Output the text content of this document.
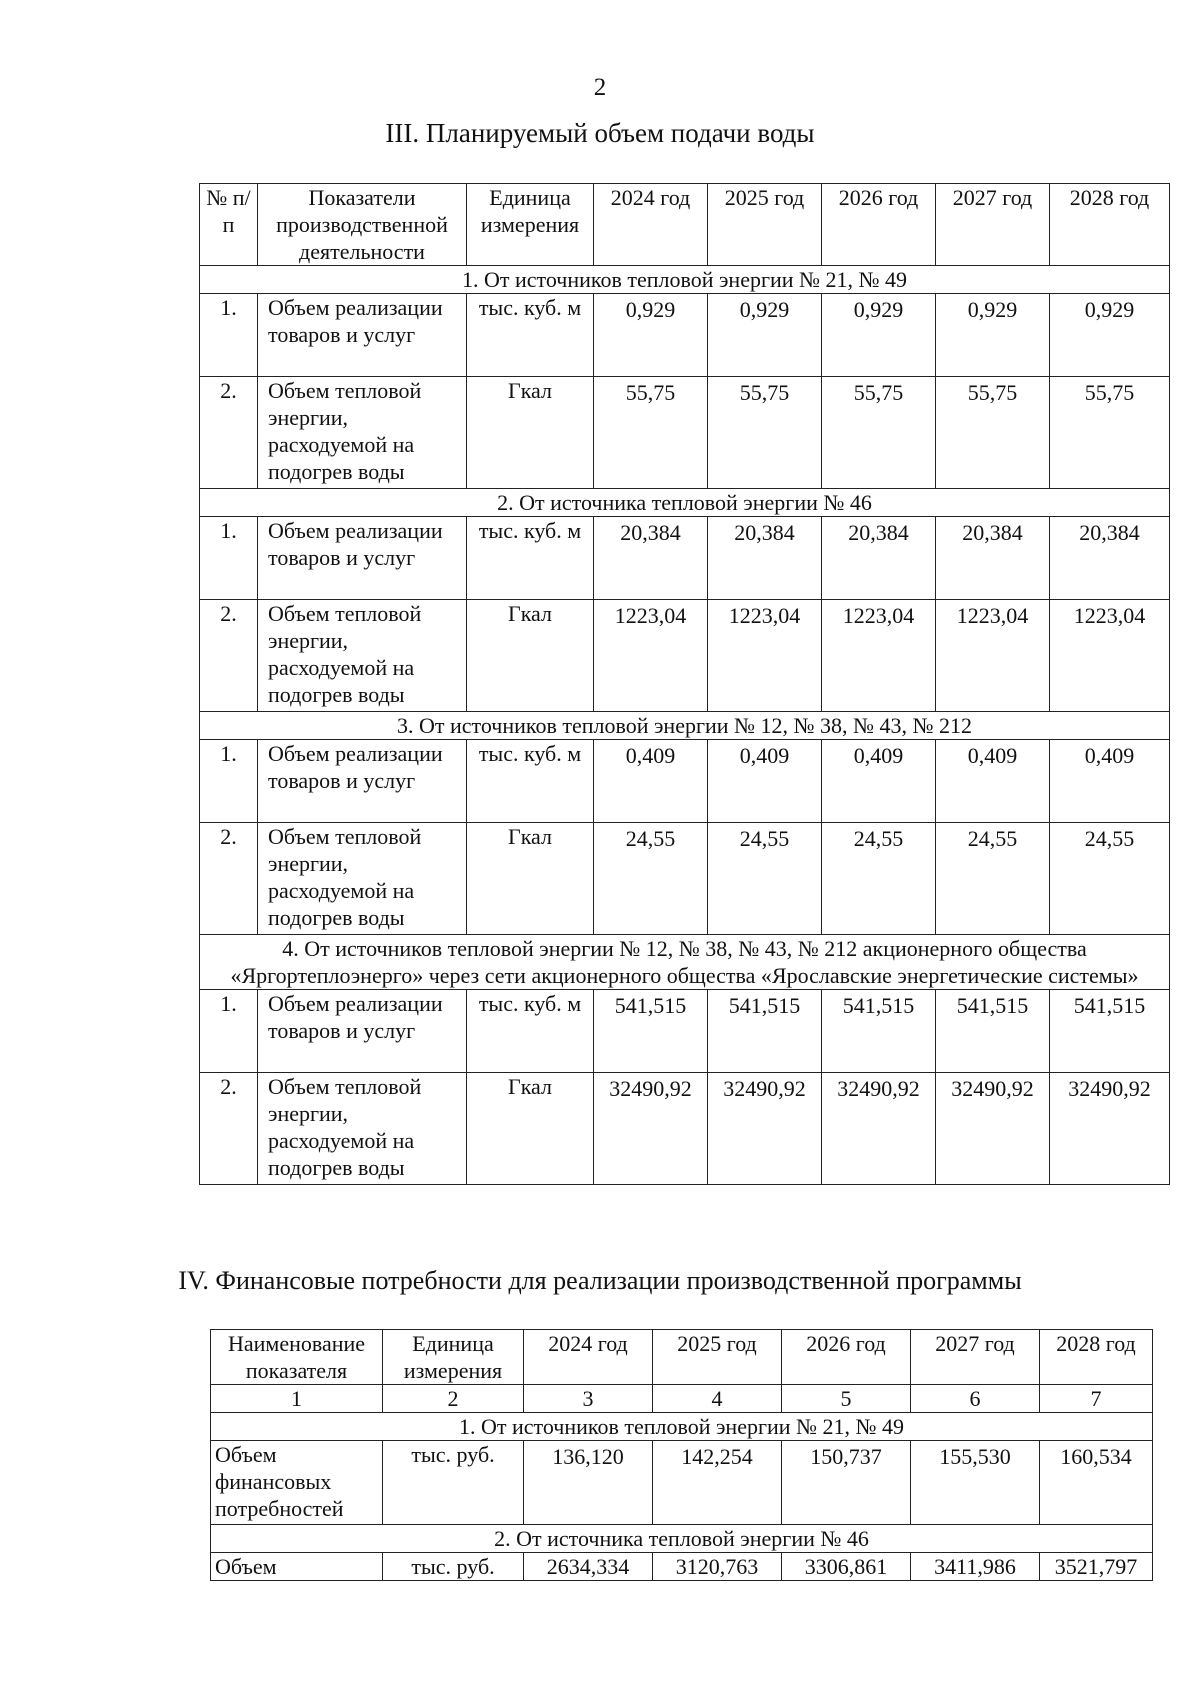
2
III. Планируемый объем подачи воды
№ п/п	Показатели производственной деятельности	Единица измерения	2024 год	2025 год	2026 год	2027 год	2028 год
1. От источников тепловой энергии № 21, № 49							
1.	Объем реализации товаров и услуг	тыс. куб. м	0,929	0,929	0,929	0,929	0,929
2.	Объем тепловой энергии, расходуемой на подогрев воды	Гкал	55,75	55,75	55,75	55,75	55,75
2. От источника тепловой энергии № 46							
1.	Объем реализации товаров и услуг	тыс. куб. м	20,384	20,384	20,384	20,384	20,384
2.	Объем тепловой энергии, расходуемой на подогрев воды	Гкал	1223,04	1223,04	1223,04	1223,04	1223,04
3. От источников тепловой энергии № 12, № 38, № 43, № 212							
1.	Объем реализации товаров и услуг	тыс. куб. м	0,409	0,409	0,409	0,409	0,409
2.	Объем тепловой энергии, расходуемой на подогрев воды	Гкал	24,55	24,55	24,55	24,55	24,55
4. От источников тепловой энергии № 12, № 38, № 43, № 212 акционерного общества «Яргортеплоэнерго» через сети акционерного общества «Ярославские энергетические системы»							
1.	Объем реализации товаров и услуг	тыс. куб. м	541,515	541,515	541,515	541,515	541,515
2.	Объем тепловой энергии, расходуемой на подогрев воды	Гкал	32490,92	32490,92	32490,92	32490,92	32490,92
IV. Финансовые потребности для реализации производственной программы
Наименование показателя	Единица измерения	2024 год	2025 год	2026 год	2027 год	2028 год
1	2	3	4	5	6	7
1. От источников тепловой энергии № 21, № 49						
Объем финансовых потребностей	тыс. руб.	136,120	142,254	150,737	155,530	160,534
2. От источника тепловой энергии № 46						
Объем	тыс. руб.	2634,334	3120,763	3306,861	3411,986	3521,797
